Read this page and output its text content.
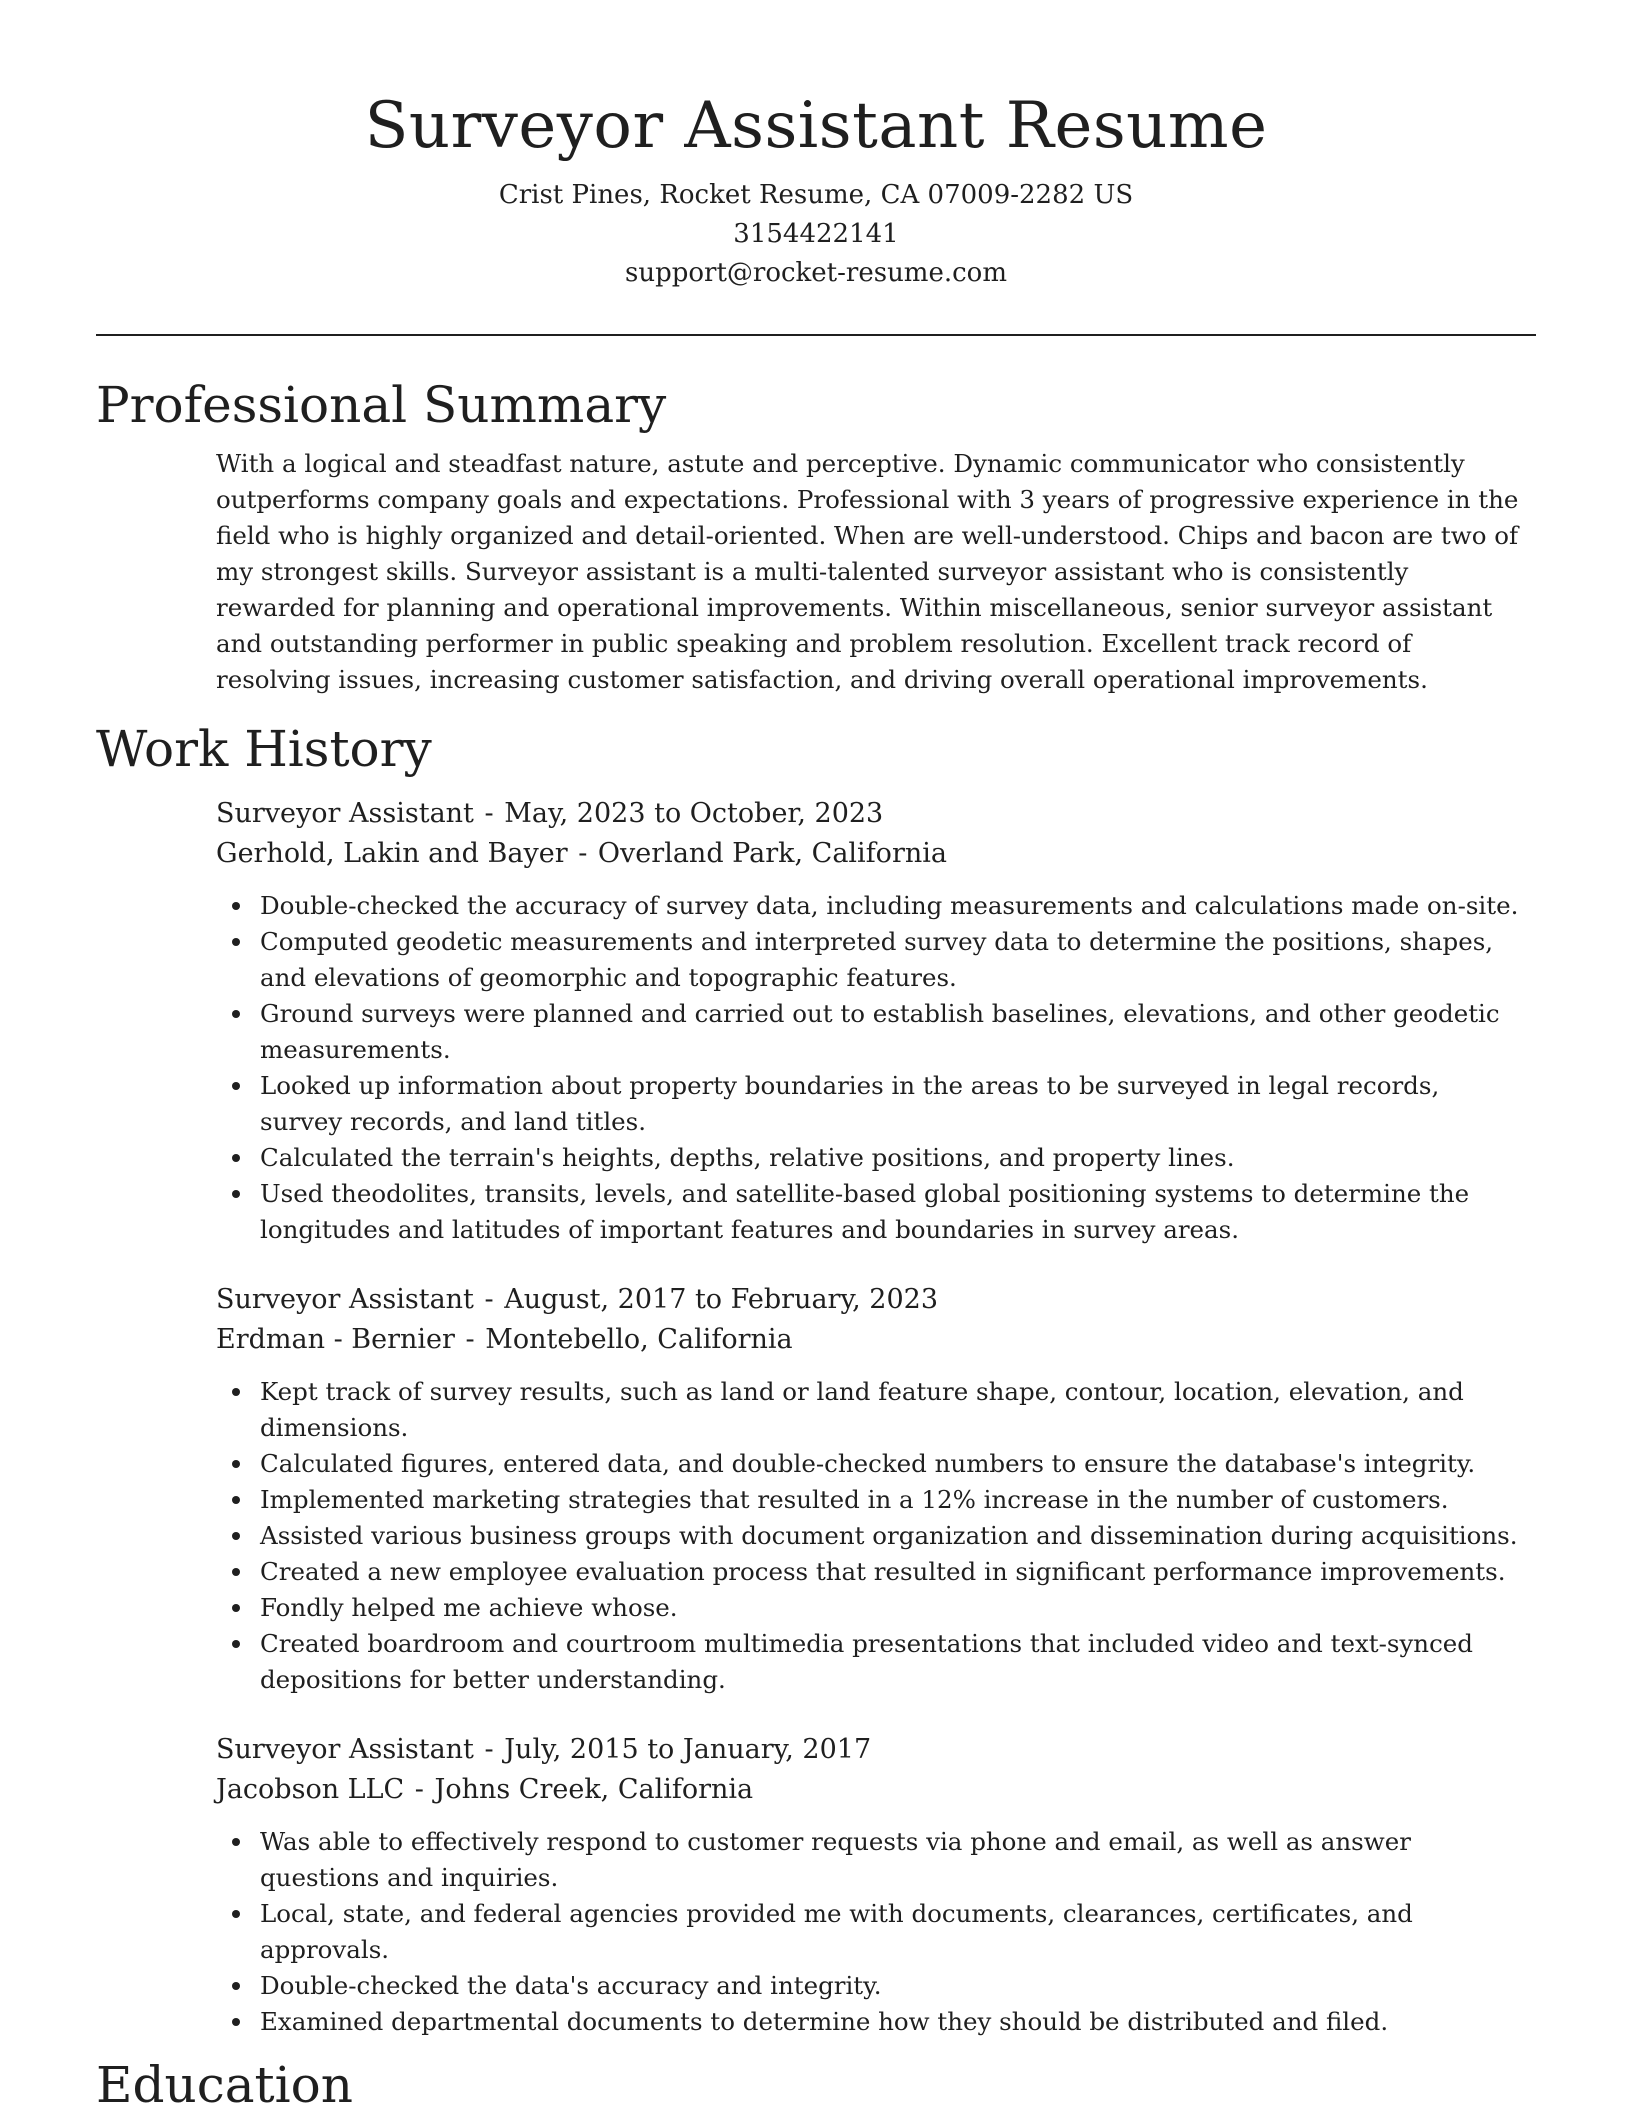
Surveyor Assistant Resume
Crist Pines, Rocket Resume, CA 07009-2282 US
3154422141
support@rocket-resume.com
Professional Summary

With a logical and steadfast nature, astute and perceptive. Dynamic communicator who consistently outperforms company goals and expectations. Professional with 3 years of progressive experience in the field who is highly organized and detail-oriented. When are well-understood. Chips and bacon are two of my strongest skills. Surveyor assistant is a multi-talented surveyor assistant who is consistently rewarded for planning and operational improvements. Within miscellaneous, senior surveyor assistant and outstanding performer in public speaking and problem resolution. Excellent track record of resolving issues, increasing customer satisfaction, and driving overall operational improvements.

Work History
Surveyor Assistant - May, 2023 to October, 2023
Gerhold, Lakin and Bayer - Overland Park, California
Double-checked the accuracy of survey data, including measurements and calculations made on-site.
Computed geodetic measurements and interpreted survey data to determine the positions, shapes, and elevations of geomorphic and topographic features.
Ground surveys were planned and carried out to establish baselines, elevations, and other geodetic measurements.
Looked up information about property boundaries in the areas to be surveyed in legal records, survey records, and land titles.
Calculated the terrain's heights, depths, relative positions, and property lines.
Used theodolites, transits, levels, and satellite-based global positioning systems to determine the longitudes and latitudes of important features and boundaries in survey areas.
Surveyor Assistant - August, 2017 to February, 2023
Erdman - Bernier - Montebello, California
Kept track of survey results, such as land or land feature shape, contour, location, elevation, and dimensions.
Calculated figures, entered data, and double-checked numbers to ensure the database's integrity.
Implemented marketing strategies that resulted in a 12% increase in the number of customers.
Assisted various business groups with document organization and dissemination during acquisitions.
Created a new employee evaluation process that resulted in significant performance improvements.
Fondly helped me achieve whose.
Created boardroom and courtroom multimedia presentations that included video and text-synced depositions for better understanding.
Surveyor Assistant - July, 2015 to January, 2017
Jacobson LLC - Johns Creek, California
Was able to effectively respond to customer requests via phone and email, as well as answer questions and inquiries.
Local, state, and federal agencies provided me with documents, clearances, certificates, and approvals.
Double-checked the data's accuracy and integrity.
Examined departmental documents to determine how they should be distributed and filed.
Education
